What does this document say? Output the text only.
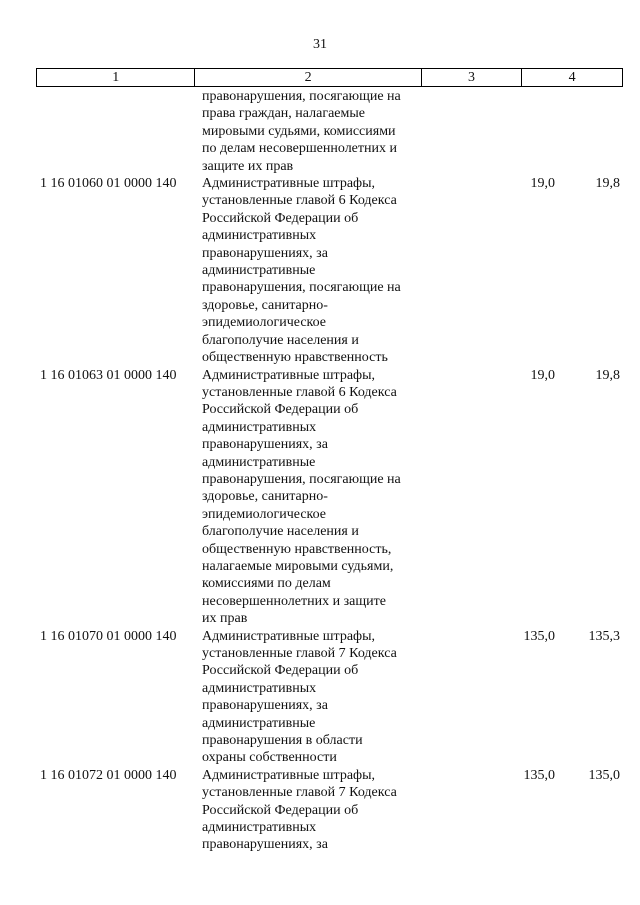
31
1	2	3	4
правонарушения, посягающие на
права граждан, налагаемые
мировыми судьями, комиссиями
по делам несовершеннолетних и
защите их прав
1 16 01060 01 0000 140	Административные штрафы,
установленные главой 6 Кодекса
Российской Федерации об
административных
правонарушениях, за
административные
правонарушения, посягающие на
здоровье, санитарно-
эпидемиологическое
благополучие населения и
общественную нравственность
19,0	19,8
1 16 01063 01 0000 140	Административные штрафы,
установленные главой 6 Кодекса
Российской Федерации об
административных
правонарушениях, за
административные
правонарушения, посягающие на
здоровье, санитарно-
эпидемиологическое
благополучие населения и
общественную нравственность,
налагаемые мировыми судьями,
комиссиями по делам
несовершеннолетних и защите
их прав
19,0	19,8
1 16 01070 01 0000 140	Административные штрафы,
установленные главой 7 Кодекса
Российской Федерации об
административных
правонарушениях, за
административные
правонарушения в области
охраны собственности
135,0	135,3
1 16 01072 01 0000 140	Административные штрафы,
установленные главой 7 Кодекса
Российской Федерации об
административных
правонарушениях, за
135,0	135,0
